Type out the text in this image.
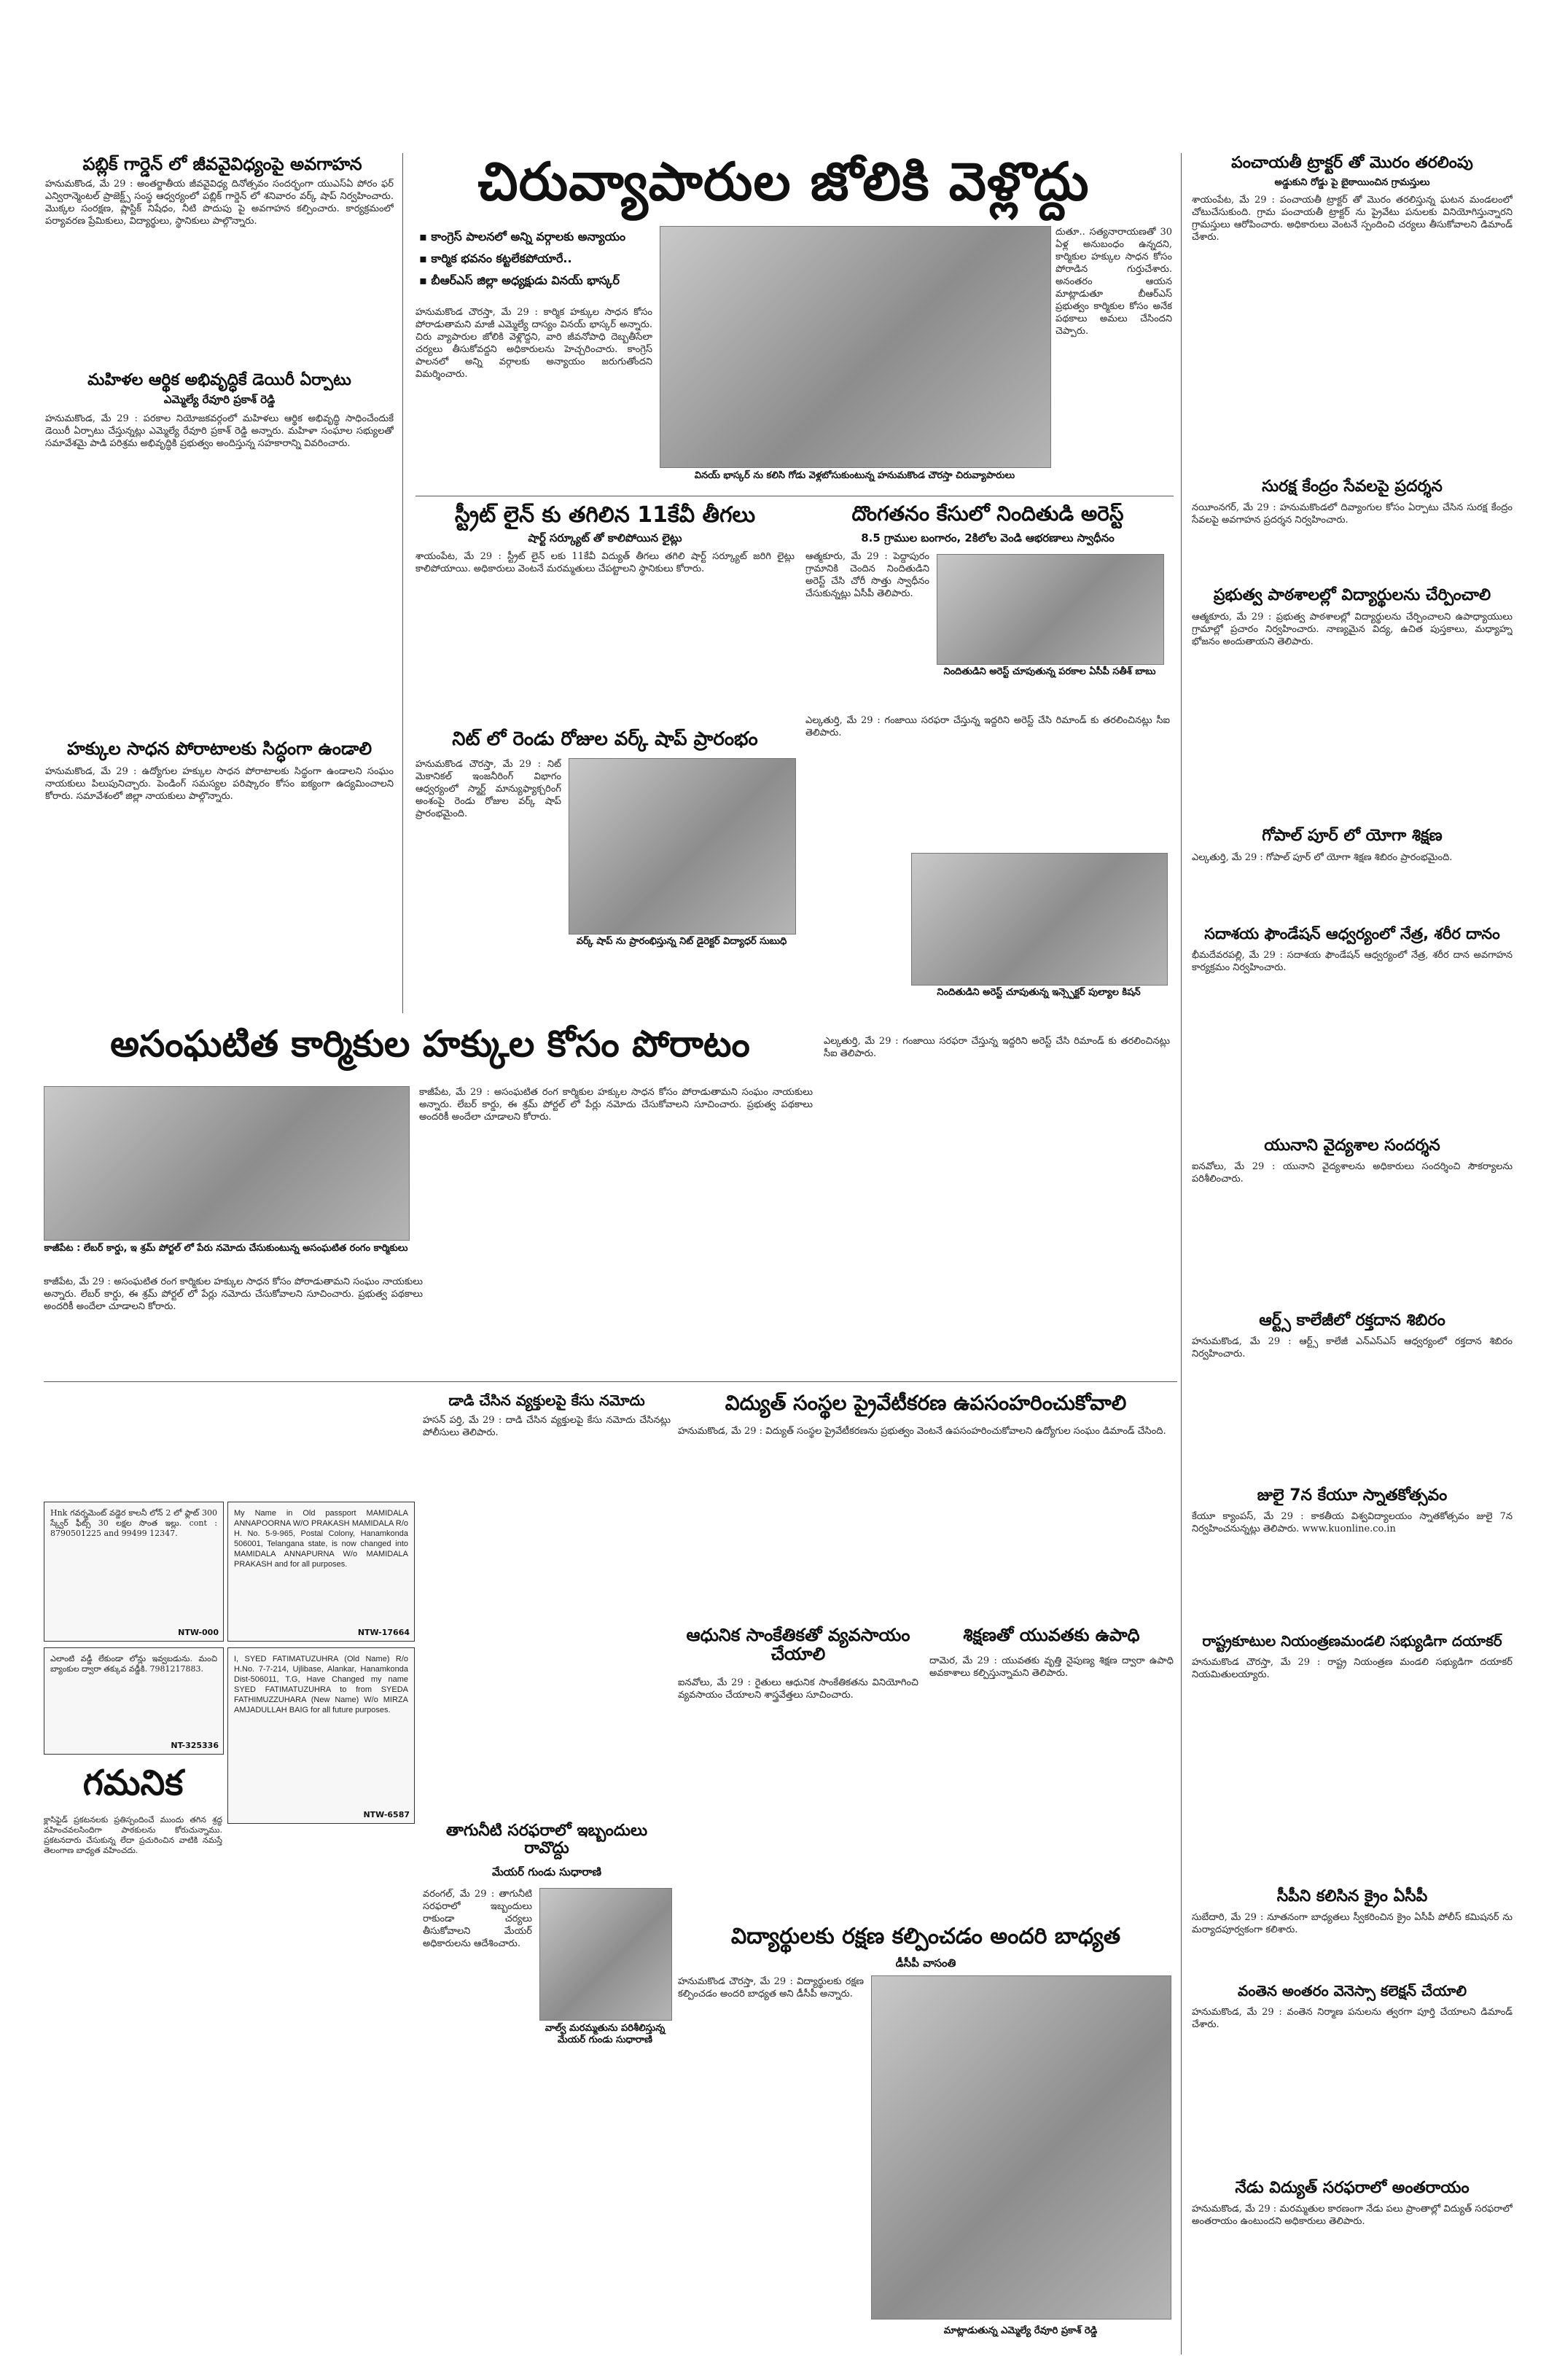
పబ్లిక్ గార్డెన్ లో జీవవైవిధ్యంపై అవగాహన
హనుమకొండ, మే 29 : అంతర్జాతీయ జీవవైవిధ్య దినోత్సవం సందర్భంగా యుఎస్ఏ పోరం ఫర్ ఎన్విరాన్మెంటల్ ప్రాజెక్ట్స్ సంస్థ ఆధ్వర్యంలో పబ్లిక్ గార్డెన్ లో శనివారం వర్క్ షాప్ నిర్వహించారు. మొక్కల సంరక్షణ, ప్లాస్టిక్ నిషేధం, నీటి పొదుపు పై అవగాహన కల్పించారు. కార్యక్రమంలో పర్యావరణ ప్రేమికులు, విద్యార్థులు, స్థానికులు పాల్గొన్నారు.
మహిళల ఆర్థిక అభివృద్ధికే డెయిరీ ఏర్పాటు
ఎమ్మెల్యే రేవూరి ప్రకాశ్ రెడ్డి
హనుమకొండ, మే 29 : పరకాల నియోజకవర్గంలో మహిళలు ఆర్థిక అభివృద్ధి సాధించేందుకే డెయిరీ ఏర్పాటు చేస్తున్నట్లు ఎమ్మెల్యే రేవూరి ప్రకాశ్ రెడ్డి అన్నారు. మహిళా సంఘాల సభ్యులతో సమావేశమై పాడి పరిశ్రమ అభివృద్ధికి ప్రభుత్వం అందిస్తున్న సహకారాన్ని వివరించారు.
హక్కుల సాధన పోరాటాలకు సిద్ధంగా ఉండాలి
హనుమకొండ, మే 29 : ఉద్యోగుల హక్కుల సాధన పోరాటాలకు సిద్ధంగా ఉండాలని సంఘం నాయకులు పిలుపునిచ్చారు. పెండింగ్ సమస్యల పరిష్కారం కోసం ఐక్యంగా ఉద్యమించాలని కోరారు. సమావేశంలో జిల్లా నాయకులు పాల్గొన్నారు.
చిరువ్యాపారుల జోలికి వెళ్లొద్దు
▪ కాంగ్రెస్ పాలనలో అన్ని వర్గాలకు అన్యాయం
▪ కార్మిక భవనం కట్టలేకపోయారే..
▪ బీఆర్ఎస్ జిల్లా అధ్యక్షుడు వినయ్ భాస్కర్
వినయ్ భాస్కర్ ను కలిసి గోడు వెళ్లబోసుకుంటున్న హనుమకొండ చౌరస్తా చిరువ్యాపారులు
హనుమకొండ చౌరస్తా, మే 29 : కార్మిక హక్కుల సాధన కోసం పోరాడుతామని మాజీ ఎమ్మెల్యే దాస్యం వినయ్ భాస్కర్ అన్నారు. చిరు వ్యాపారుల జోలికి వెళ్లొద్దని, వారి జీవనోపాధి దెబ్బతీసేలా చర్యలు తీసుకోవద్దని అధికారులను హెచ్చరించారు. కాంగ్రెస్ పాలనలో అన్ని వర్గాలకు అన్యాయం జరుగుతోందని విమర్శించారు.
దుతూ.. సత్యనారాయణతో 30 ఏళ్ల అనుబంధం ఉన్నదని, కార్మికుల హక్కుల సాధన కోసం పోరాడిన గుర్తుచేశారు. అనంతరం ఆయన మాట్లాడుతూ బీఆర్ఎస్ ప్రభుత్వం కార్మికుల కోసం అనేక పథకాలు అమలు చేసిందని చెప్పారు.
స్ట్రీట్ లైన్ కు తగిలిన 11కేవీ తీగలు
షార్ట్ సర్క్యూట్ తో కాలిపోయిన లైట్లు
శాయంపేట, మే 29 : స్ట్రీట్ లైన్ లకు 11కేవీ విద్యుత్ తీగలు తగిలి షార్ట్ సర్క్యూట్ జరిగి లైట్లు కాలిపోయాయి. అధికారులు వెంటనే మరమ్మతులు చేపట్టాలని స్థానికులు కోరారు.
నిట్ లో రెండు రోజుల వర్క్ షాప్ ప్రారంభం
హనుమకొండ చౌరస్తా, మే 29 : నిట్ మెకానికల్ ఇంజనీరింగ్ విభాగం ఆధ్వర్యంలో స్మార్ట్ మాన్యుఫ్యాక్చరింగ్ అంశంపై రెండు రోజుల వర్క్ షాప్ ప్రారంభమైంది.
వర్క్ షాప్ ను ప్రారంభిస్తున్న నిట్ డైరెక్టర్ విద్యాధర్ సుబుధి
దొంగతనం కేసులో నిందితుడి అరెస్ట్
8.5 గ్రాముల బంగారం, 2కిలోల వెండి ఆభరణాలు స్వాధీనం
ఆత్మకూరు, మే 29 : పెద్దాపురం గ్రామానికి చెందిన నిందితుడిని అరెస్ట్ చేసి చోరీ సొత్తు స్వాధీనం చేసుకున్నట్లు ఏసీపీ తెలిపారు.
నిందితుడిని అరెస్ట్ చూపుతున్న పరకాల ఏసీపీ సతీశ్ బాబు
ఎల్కతుర్తి, మే 29 : గంజాయి సరఫరా చేస్తున్న ఇద్దరిని అరెస్ట్ చేసి రిమాండ్ కు తరలించినట్లు సీఐ తెలిపారు.
నిందితుడిని అరెస్ట్ చూపుతున్న ఇన్స్పెక్టర్ పుల్యాల కిషన్
అసంఘటిత కార్మికుల హక్కుల కోసం పోరాటం
కాజీపేట : లేబర్ కార్డు, ఇ శ్రమ్ పోర్టల్ లో పేరు నమోదు చేసుకుంటున్న అసంఘటిత రంగం కార్మికులు
కాజీపేట, మే 29 : అసంఘటిత రంగ కార్మికుల హక్కుల సాధన కోసం పోరాడుతామని సంఘం నాయకులు అన్నారు. లేబర్ కార్డు, ఈ శ్రమ్ పోర్టల్ లో పేర్లు నమోదు చేసుకోవాలని సూచించారు. ప్రభుత్వ పథకాలు అందరికీ అందేలా చూడాలని కోరారు.
కాజీపేట, మే 29 : అసంఘటిత రంగ కార్మికుల హక్కుల సాధన కోసం పోరాడుతామని సంఘం నాయకులు అన్నారు. లేబర్ కార్డు, ఈ శ్రమ్ పోర్టల్ లో పేర్లు నమోదు చేసుకోవాలని సూచించారు. ప్రభుత్వ పథకాలు అందరికీ అందేలా చూడాలని కోరారు.
ఎల్కతుర్తి, మే 29 : గంజాయి సరఫరా చేస్తున్న ఇద్దరిని అరెస్ట్ చేసి రిమాండ్ కు తరలించినట్లు సీఐ తెలిపారు.
Hnk గవర్నమెంట్ వడ్డెర కాలనీ లోన్ 2 లో ఫ్లాట్ 300 స్క్వేర్ ఫీట్స్ 30 లక్షల సొంత ఇల్లు. cont : 8790501225 and 99499 12347.
NTW-000
My Name in Old passport MAMIDALA ANNAPOORNA W/O PRAKASH MAMIDALA R/o H. No. 5-9-965, Postal Colony, Hanamkonda 506001, Telangana state, is now changed into MAMIDALA ANNAPURNA W/o MAMIDALA PRAKASH and for all purposes.
NTW-17664
ఎలాంటి వడ్డీ లేకుండా లోన్లు ఇవ్వబడును. మంచి బ్యాంకుల ద్వారా తక్కువ వడ్డీకి. 7981217883.
NT-325336
I, SYED FATIMATUZUHRA (Old Name) R/o H.No. 7-7-214, Ujlibase, Alankar, Hanamkonda Dist-506011, T.G, Have Changed my name SYED FATIMATUZUHRA to from SYEDA FATHIMUZZUHARA (New Name) W/o MIRZA AMJADULLAH BAIG for all future purposes.
NTW-6587
గమనిక
క్లాసిఫైడ్ ప్రకటనలకు ప్రతిస్పందించే ముందు తగిన శ్రద్ధ వహించవలసిందిగా పాఠకులను కోరుచున్నాము. ప్రకటనదారు చేసుకున్న లేదా ప్రచురించిన వాటికి నమస్తే తెలంగాణ బాధ్యత వహించదు.
డాడి చేసిన వ్యక్తులపై కేసు నమోదు
హసన్ పర్తి, మే 29 : దాడి చేసిన వ్యక్తులపై కేసు నమోదు చేసినట్లు పోలీసులు తెలిపారు.
తాగునీటి సరఫరాలో ఇబ్బందులు రావొద్దు
మేయర్ గుండు సుధారాణి
వరంగల్, మే 29 : తాగునీటి సరఫరాలో ఇబ్బందులు రాకుండా చర్యలు తీసుకోవాలని మేయర్ అధికారులను ఆదేశించారు.
వాల్వ్ మరమ్మతును పరిశీలిస్తున్న మేయర్ గుండు సుధారాణి
విద్యుత్ సంస్థల ప్రైవేటీకరణ ఉపసంహరించుకోవాలి
హనుమకొండ, మే 29 : విద్యుత్ సంస్థల ప్రైవేటీకరణను ప్రభుత్వం వెంటనే ఉపసంహరించుకోవాలని ఉద్యోగుల సంఘం డిమాండ్ చేసింది.
ఆధునిక సాంకేతికతో వ్యవసాయం చేయాలి
ఐనవోలు, మే 29 : రైతులు ఆధునిక సాంకేతికతను వినియోగించి వ్యవసాయం చేయాలని శాస్త్రవేత్తలు సూచించారు.
శిక్షణతో యువతకు ఉపాధి
దామెర, మే 29 : యువతకు వృత్తి నైపుణ్య శిక్షణ ద్వారా ఉపాధి అవకాశాలు కల్పిస్తున్నామని తెలిపారు.
విద్యార్థులకు రక్షణ కల్పించడం అందరి బాధ్యత
డీసీపీ వాసంతి
హనుమకొండ చౌరస్తా, మే 29 : విద్యార్థులకు రక్షణ కల్పించడం అందరి బాధ్యత అని డీసీపీ అన్నారు.
మాట్లాడుతున్న ఎమ్మెల్యే రేవూరి ప్రకాశ్ రెడ్డి
పంచాయతీ ట్రాక్టర్ తో మొరం తరలింపు
అడ్డుకుని రోడ్డు పై బైఠాయించిన గ్రామస్తులు
శాయంపేట, మే 29 : పంచాయతీ ట్రాక్టర్ తో మొరం తరలిస్తున్న ఘటన మండలంలో చోటుచేసుకుంది. గ్రామ పంచాయతీ ట్రాక్టర్ ను ప్రైవేటు పనులకు వినియోగిస్తున్నారని గ్రామస్తులు ఆరోపించారు. అధికారులు వెంటనే స్పందించి చర్యలు తీసుకోవాలని డిమాండ్ చేశారు.
సురక్ష కేంద్రం సేవలపై ప్రదర్శన
నయీంనగర్, మే 29 : హనుమకొండలో దివ్యాంగుల కోసం ఏర్పాటు చేసిన సురక్ష కేంద్రం సేవలపై అవగాహన ప్రదర్శన నిర్వహించారు.
ప్రభుత్వ పాఠశాలల్లో విద్యార్థులను చేర్పించాలి
ఆత్మకూరు, మే 29 : ప్రభుత్వ పాఠశాలల్లో విద్యార్థులను చేర్పించాలని ఉపాధ్యాయులు గ్రామాల్లో ప్రచారం నిర్వహించారు. నాణ్యమైన విద్య, ఉచిత పుస్తకాలు, మధ్యాహ్న భోజనం అందుతాయని తెలిపారు.
గోపాల్ పూర్ లో యోగా శిక్షణ
ఎల్కతుర్తి, మే 29 : గోపాల్ పూర్ లో యోగా శిక్షణ శిబిరం ప్రారంభమైంది.
సదాశయ ఫౌండేషన్ ఆధ్వర్యంలో నేత్ర, శరీర దానం
భీమదేవరపల్లి, మే 29 : సదాశయ ఫౌండేషన్ ఆధ్వర్యంలో నేత్ర, శరీర దాన అవగాహన కార్యక్రమం నిర్వహించారు.
యునాని వైద్యశాల సందర్శన
ఐనవోలు, మే 29 : యునాని వైద్యశాలను అధికారులు సందర్శించి సౌకర్యాలను పరిశీలించారు.
ఆర్ట్స్ కాలేజీలో రక్తదాన శిబిరం
హనుమకొండ, మే 29 : ఆర్ట్స్ కాలేజీ ఎన్ఎస్ఎస్ ఆధ్వర్యంలో రక్తదాన శిబిరం నిర్వహించారు.
జులై 7న కేయూ స్నాతకోత్సవం
కేయూ క్యాంపస్, మే 29 : కాకతీయ విశ్వవిద్యాలయం స్నాతకోత్సవం జులై 7న నిర్వహించనున్నట్లు తెలిపారు. www.kuonline.co.in
రాష్ట్రకూటుల నియంత్రణమండలి సభ్యుడిగా దయాకర్
హనుమకొండ చౌరస్తా, మే 29 : రాష్ట్ర నియంత్రణ మండలి సభ్యుడిగా దయాకర్ నియమితులయ్యారు.
సీపీని కలిసిన క్రైం ఏసీపీ
సుబేదారి, మే 29 : నూతనంగా బాధ్యతలు స్వీకరించిన క్రైం ఏసీపీ పోలీస్ కమిషనర్ ను మర్యాదపూర్వకంగా కలిశారు.
వంతెన అంతరం వెనెస్సా కలెక్షన్ చేయాలి
హనుమకొండ, మే 29 : వంతెన నిర్మాణ పనులను త్వరగా పూర్తి చేయాలని డిమాండ్ చేశారు.
నేడు విద్యుత్ సరఫరాలో అంతరాయం
హనుమకొండ, మే 29 : మరమ్మతుల కారణంగా నేడు పలు ప్రాంతాల్లో విద్యుత్ సరఫరాలో అంతరాయం ఉంటుందని అధికారులు తెలిపారు.
